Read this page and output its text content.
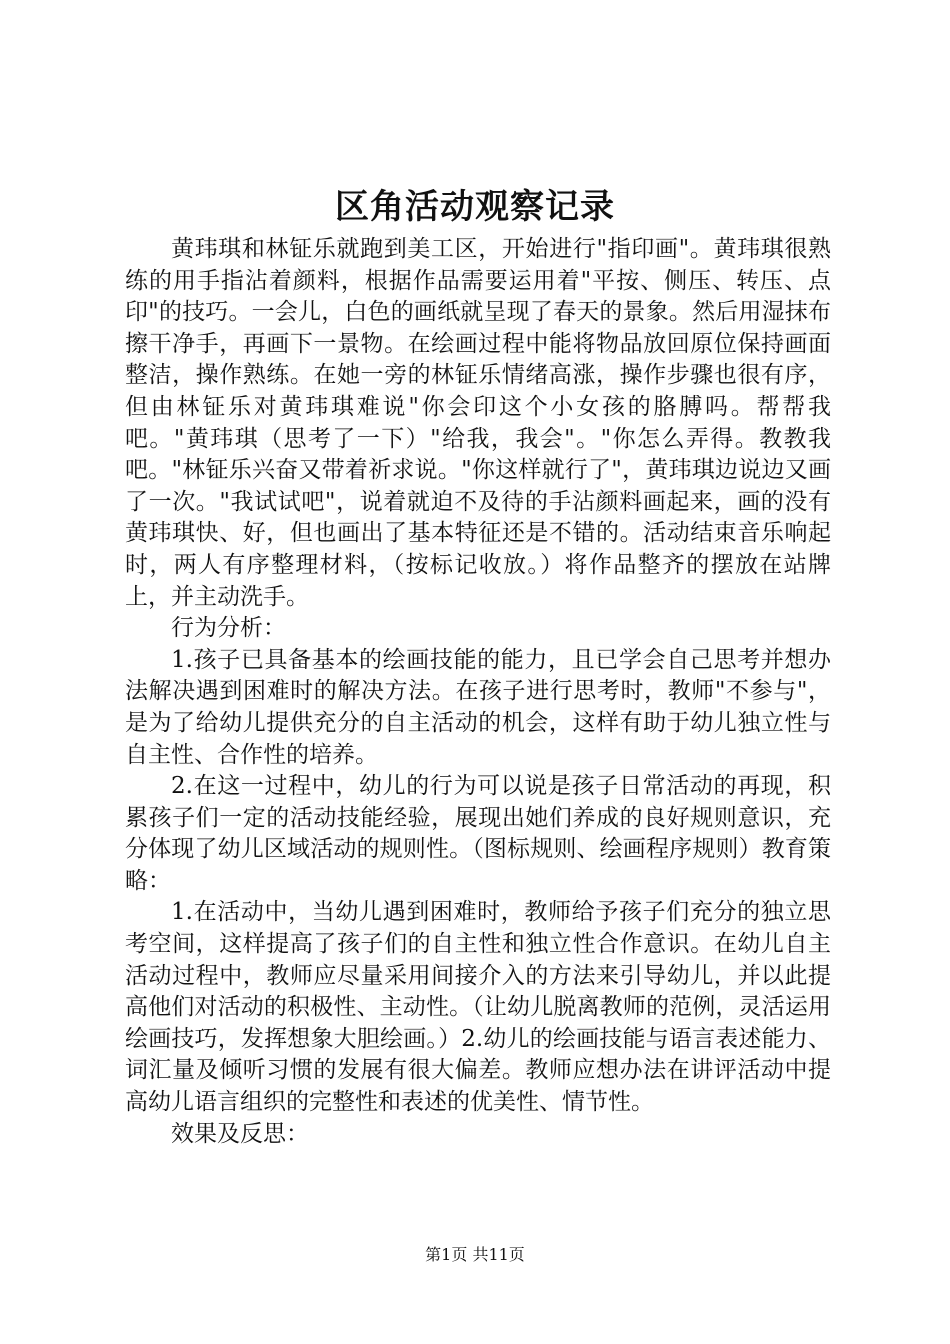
区角活动观察记录

黄玮琪和林钲乐就跑到美工区，开始进行"指印画"。黄玮琪很熟练的用手指沾着颜料，根据作品需要运用着"平按、侧压、转压、点印"的技巧。一会儿，白色的画纸就呈现了春天的景象。然后用湿抹布擦干净手，再画下一景物。在绘画过程中能将物品放回原位保持画面整洁，操作熟练。在她一旁的林钲乐情绪高涨，操作步骤也很有序，但由林钲乐对黄玮琪难说"你会印这个小女孩的胳膊吗。帮帮我吧。"黄玮琪（思考了一下）"给我，我会"。"你怎么弄得。教教我吧。"林钲乐兴奋又带着祈求说。"你这样就行了"，黄玮琪边说边又画了一次。"我试试吧"，说着就迫不及待的手沾颜料画起来，画的没有黄玮琪快、好，但也画出了基本特征还是不错的。活动结束音乐响起时，两人有序整理材料，（按标记收放。）将作品整齐的摆放在站牌上，并主动洗手。

行为分析：

1.孩子已具备基本的绘画技能的能力，且已学会自己思考并想办法解决遇到困难时的解决方法。在孩子进行思考时，教师"不参与"，是为了给幼儿提供充分的自主活动的机会，这样有助于幼儿独立性与自主性、合作性的培养。

2.在这一过程中，幼儿的行为可以说是孩子日常活动的再现，积累孩子们一定的活动技能经验，展现出她们养成的良好规则意识，充分体现了幼儿区域活动的规则性。（图标规则、绘画程序规则）教育策略：

1.在活动中，当幼儿遇到困难时，教师给予孩子们充分的独立思考空间，这样提高了孩子们的自主性和独立性合作意识。在幼儿自主活动过程中，教师应尽量采用间接介入的方法来引导幼儿，并以此提高他们对活动的积极性、主动性。（让幼儿脱离教师的范例，灵活运用绘画技巧，发挥想象大胆绘画。）2.幼儿的绘画技能与语言表述能力、词汇量及倾听习惯的发展有很大偏差。教师应想办法在讲评活动中提高幼儿语言组织的完整性和表述的优美性、情节性。

效果及反思：

第1页 共11页
